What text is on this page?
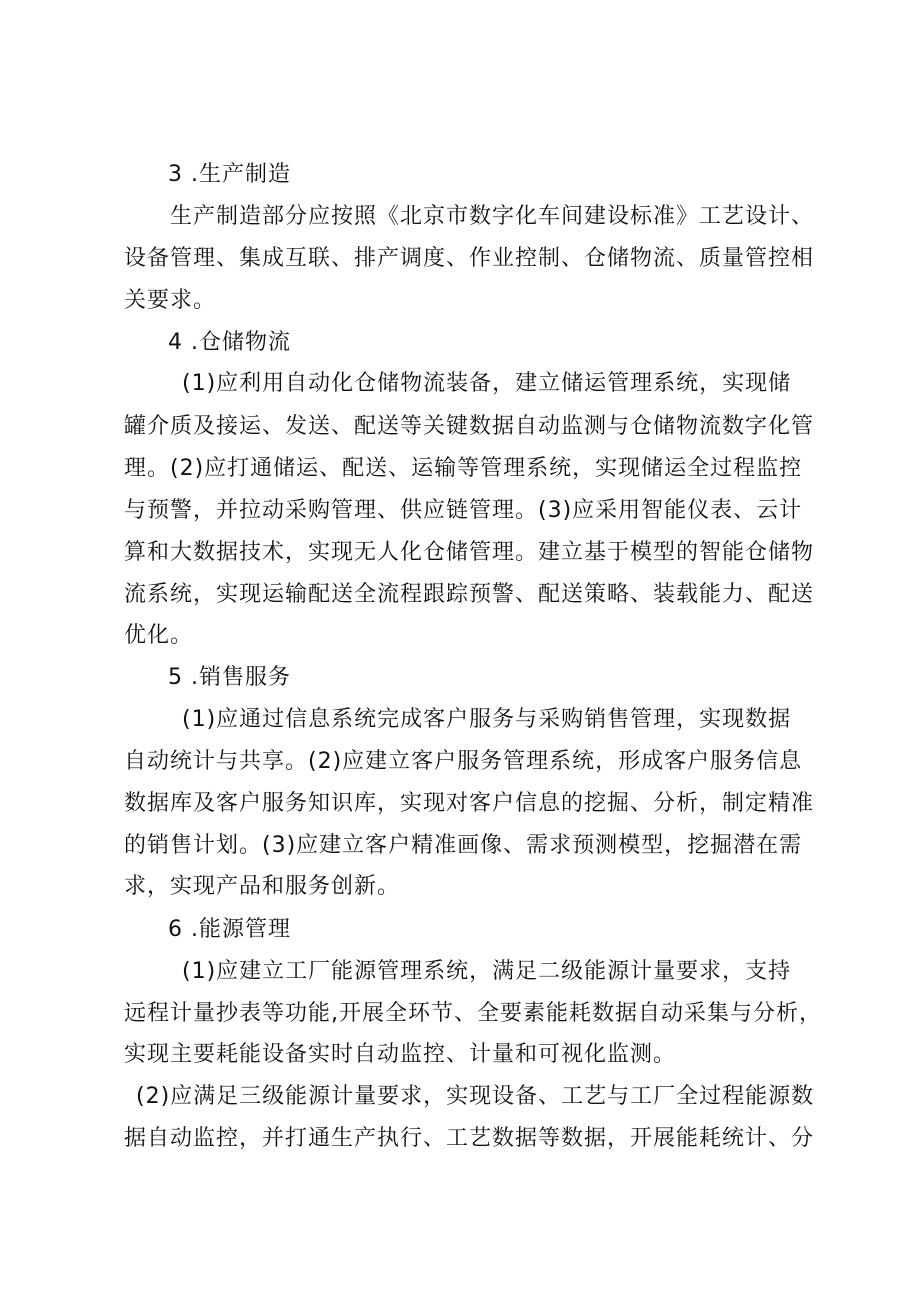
3 .生产制造

生产制造部分应按照《北京市数字化车间建设标准》工艺设计、

设备管理、集成互联、排产调度、作业控制、仓储物流、质量管控相

关要求。

4 .仓储物流

(1)应利用自动化仓储物流装备，建立储运管理系统，实现储

罐介质及接运、发送、配送等关键数据自动监测与仓储物流数字化管

理。(2)应打通储运、配送、运输等管理系统，实现储运全过程监控

与预警，并拉动采购管理、供应链管理。(3)应采用智能仪表、云计

算和大数据技术，实现无人化仓储管理。建立基于模型的智能仓储物

流系统，实现运输配送全流程跟踪预警、配送策略、装载能力、配送

优化。

5 .销售服务

(1)应通过信息系统完成客户服务与采购销售管理，实现数据

自动统计与共享。(2)应建立客户服务管理系统，形成客户服务信息

数据库及客户服务知识库，实现对客户信息的挖掘、分析，制定精准

的销售计划。(3)应建立客户精准画像、需求预测模型，挖掘潜在需

求，实现产品和服务创新。

6 .能源管理

(1)应建立工厂能源管理系统，满足二级能源计量要求，支持

远程计量抄表等功能,开展全环节、全要素能耗数据自动采集与分析，

实现主要耗能设备实时自动监控、计量和可视化监测。

(2)应满足三级能源计量要求，实现设备、工艺与工厂全过程能源数

据自动监控，并打通生产执行、工艺数据等数据，开展能耗统计、分
